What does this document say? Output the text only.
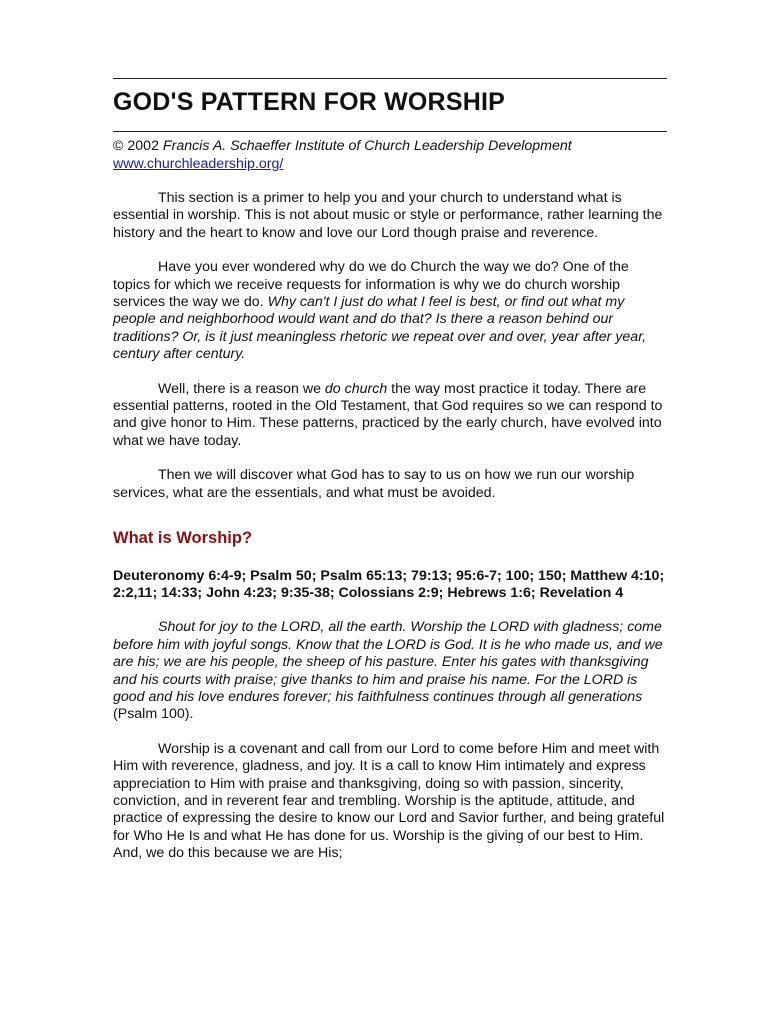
GOD'S PATTERN FOR WORSHIP
© 2002 Francis A. Schaeffer Institute of Church Leadership Development
www.churchleadership.org/

This section is a primer to help you and your church to understand what is essential in worship. This is not about music or style or performance, rather learning the history and the heart to know and love our Lord though praise and reverence.

Have you ever wondered why do we do Church the way we do? One of the topics for which we receive requests for information is why we do church worship services the way we do. Why can't I just do what I feel is best, or find out what my people and neighborhood would want and do that? Is there a reason behind our traditions? Or, is it just meaningless rhetoric we repeat over and over, year after year, century after century.

Well, there is a reason we do church the way most practice it today. There are essential patterns, rooted in the Old Testament, that God requires so we can respond to and give honor to Him. These patterns, practiced by the early church, have evolved into what we have today.

Then we will discover what God has to say to us on how we run our worship services, what are the essentials, and what must be avoided.

What is Worship?

Deuteronomy 6:4-9; Psalm 50; Psalm 65:13; 79:13; 95:6-7; 100; 150; Matthew 4:10; 2:2,11; 14:33; John 4:23; 9:35-38; Colossians 2:9; Hebrews 1:6; Revelation 4

Shout for joy to the LORD, all the earth. Worship the LORD with gladness; come before him with joyful songs. Know that the LORD is God. It is he who made us, and we are his; we are his people, the sheep of his pasture. Enter his gates with thanksgiving and his courts with praise; give thanks to him and praise his name. For the LORD is good and his love endures forever; his faithfulness continues through all generations (Psalm 100).

Worship is a covenant and call from our Lord to come before Him and meet with Him with reverence, gladness, and joy. It is a call to know Him intimately and express appreciation to Him with praise and thanksgiving, doing so with passion, sincerity, conviction, and in reverent fear and trembling. Worship is the aptitude, attitude, and practice of expressing the desire to know our Lord and Savior further, and being grateful for Who He Is and what He has done for us. Worship is the giving of our best to Him. And, we do this because we are His;
